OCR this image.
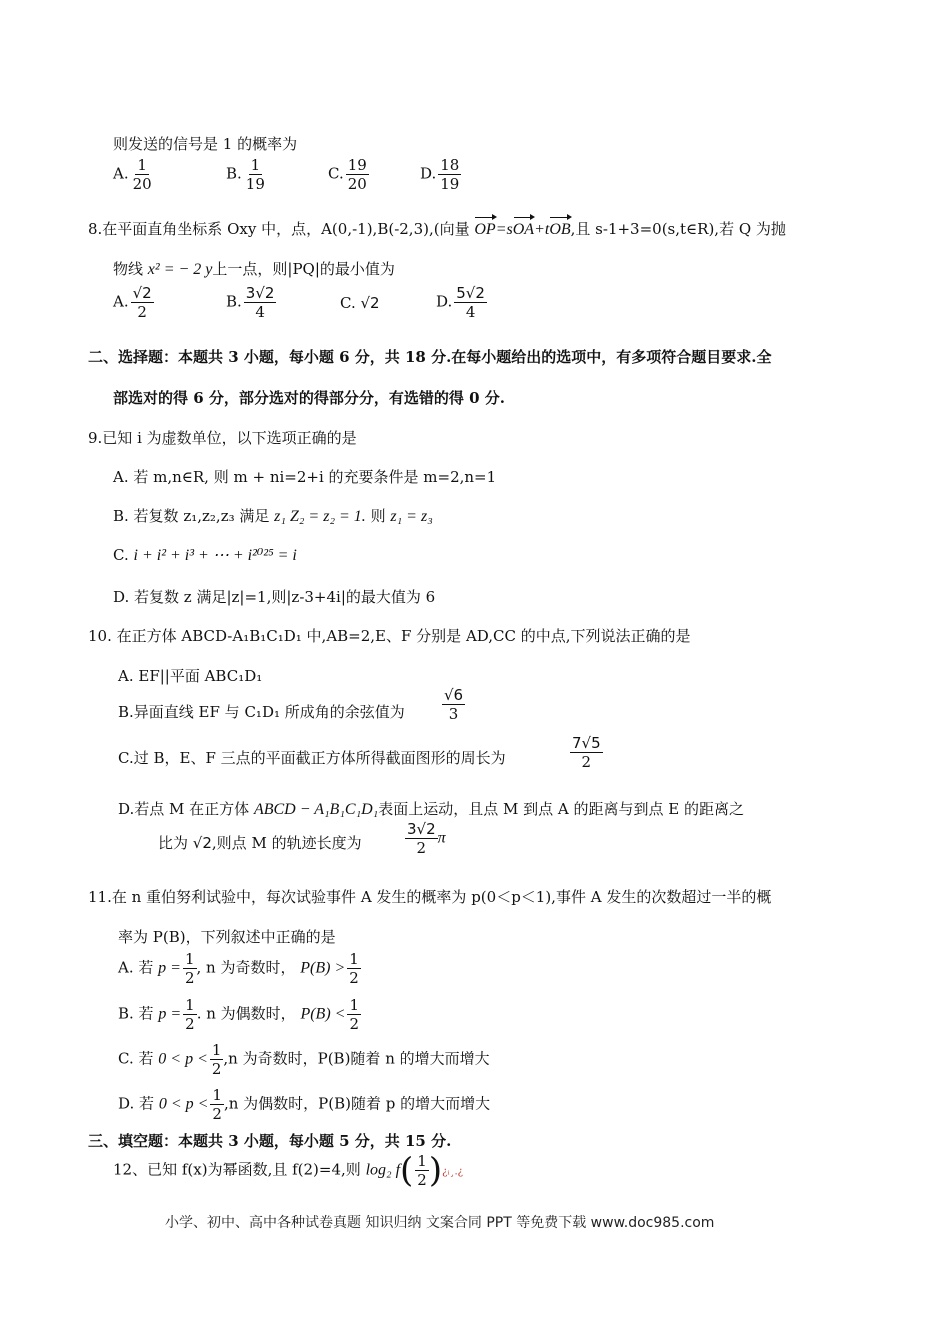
则发送的信号是 1 的概率为
A. $\frac{1}{20}$	B. $\frac{1}{19}$	C. $\frac{19}{20}$	D. $\frac{18}{19}$
8.在平面直角坐标系 Oxy 中，点，A(0,-1),B(-2,3),(向量 OP=sOA+tOB,且 s-1+3=0(s,t∈R),若 Q 为抛
物线 x² = − 2 y上一点，则|PQ|的最小值为
A. $\frac{√2}{2}$	B. $\frac{3√2}{4}$	C. √2	D. $\frac{5√2}{4}$
二、选择题：本题共 3 小题，每小题 6 分，共 18 分.在每小题给出的选项中，有多项符合题目要求.全
部选对的得 6 分，部分选对的得部分分，有选错的得 0 分.
9.已知 i 为虚数单位，以下选项正确的是
A. 若 m,n∈R, 则 m + ni=2+i 的充要条件是 m=2,n=1
B. 若复数 z₁,z₂,z₃ 满足 z₁ Z₂ = z₂ = 1. 则 z₁ = z₃
C. i + i² + i³ + ⋯ + i²⁰²⁵ = i
D. 若复数 z 满足|z|=1,则|z-3+4i|的最大值为 6
10. 在正方体 ABCD-A₁B₁C₁D₁ 中,AB=2,E、F 分别是 AD,CC 的中点,下列说法正确的是
A. EF||平面 ABC₁D₁
B.异面直线 EF 与 C₁D₁ 所成角的余弦值为 $\frac{√6}{3}$
C.过 B，E、F 三点的平面截正方体所得截面图形的周长为	$\frac{7√5}{2}$
D.若点 M 在正方体 ABCD − A₁B₁C₁D₁表面上运动，且点 M 到点 A 的距离与到点 E 的距离之
比为 √2,则点 M 的轨迹长度为	$\frac{3√2}{2}$ π
11.在 n 重伯努利试验中，每次试验事件 A 发生的概率为 p(0＜p＜1),事件 A 发生的次数超过一半的概
率为 P(B)，下列叙述中正确的是
A. 若 $p = \frac{1}{2}$ , n 为奇数时， $P(B) > \frac{1}{2}$
B. 若 $p = \frac{1}{2}$ . n 为偶数时， $P(B) < \frac{1}{2}$
C. 若 $0 < p < \frac{1}{2} ,n$ 为奇数时，P(B)随着 n 的增大而增大
D. 若 $0 < p < \frac{1}{2} ,n$ 为偶数时，P(B)随着 p 的增大而增大
三、填空题：本题共 3 小题，每小题 5 分，共 15 分.
12、已知 f(x)为幂函数,且 f(2)=4,则 log₂ $f( \frac{1}{2}$ )¿ᵢ¸.¿
小学、初中、高中各种试卷真题 知识归纳 文案合同 PPT 等免费下载 www.doc985.com
